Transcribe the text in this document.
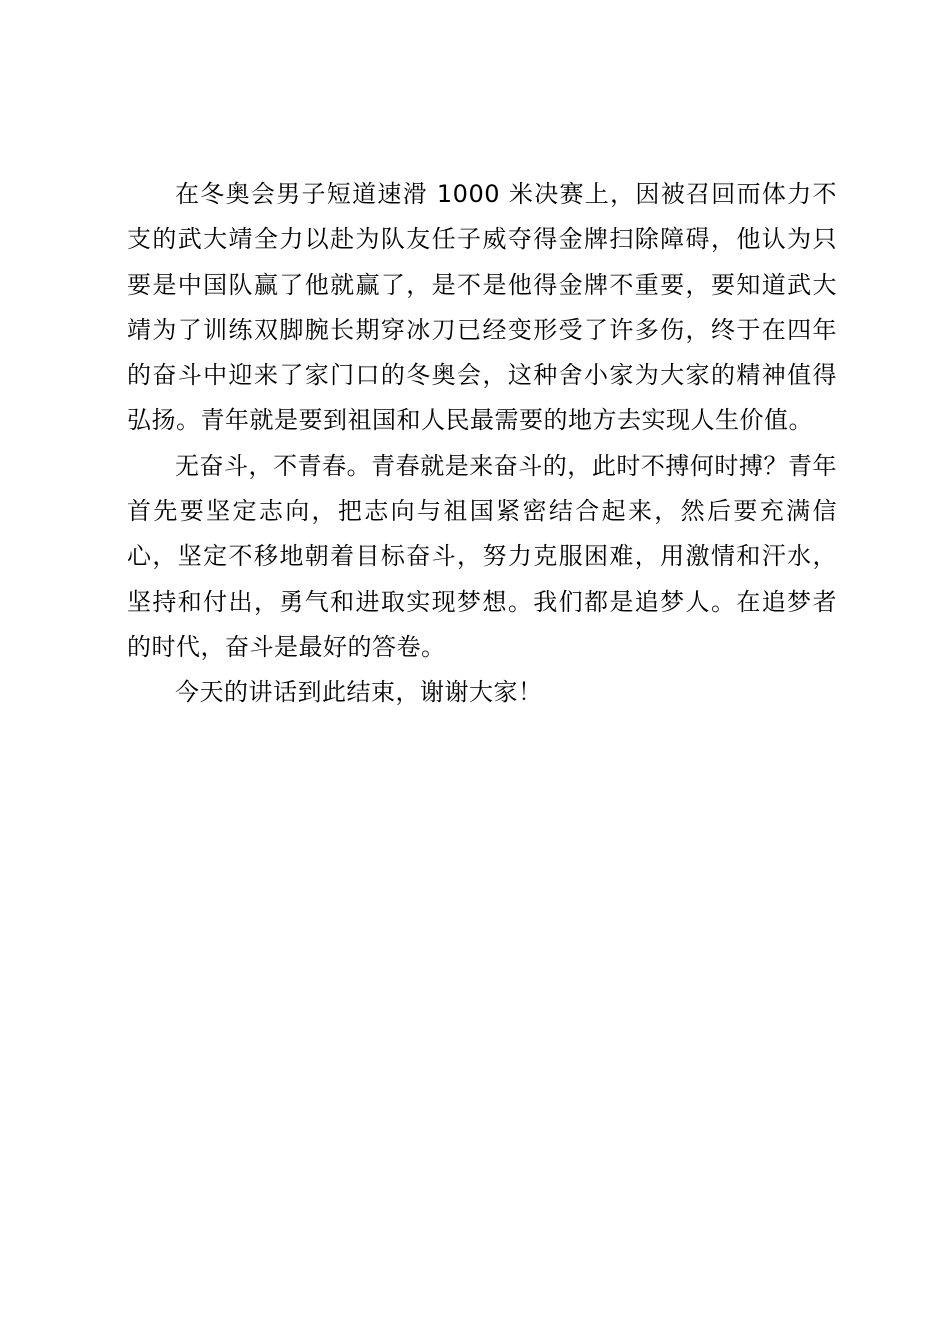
在冬奥会男子短道速滑 1000 米决赛上，因被召回而体力不支的武大靖全力以赴为队友任子威夺得金牌扫除障碍，他认为只要是中国队赢了他就赢了，是不是他得金牌不重要，要知道武大靖为了训练双脚腕长期穿冰刀已经变形受了许多伤，终于在四年的奋斗中迎来了家门口的冬奥会，这种舍小家为大家的精神值得弘扬。青年就是要到祖国和人民最需要的地方去实现人生价值。

无奋斗，不青春。青春就是来奋斗的，此时不搏何时搏？青年首先要坚定志向，把志向与祖国紧密结合起来，然后要充满信心，坚定不移地朝着目标奋斗，努力克服困难，用激情和汗水，坚持和付出，勇气和进取实现梦想。我们都是追梦人。在追梦者的时代，奋斗是最好的答卷。

今天的讲话到此结束，谢谢大家！
